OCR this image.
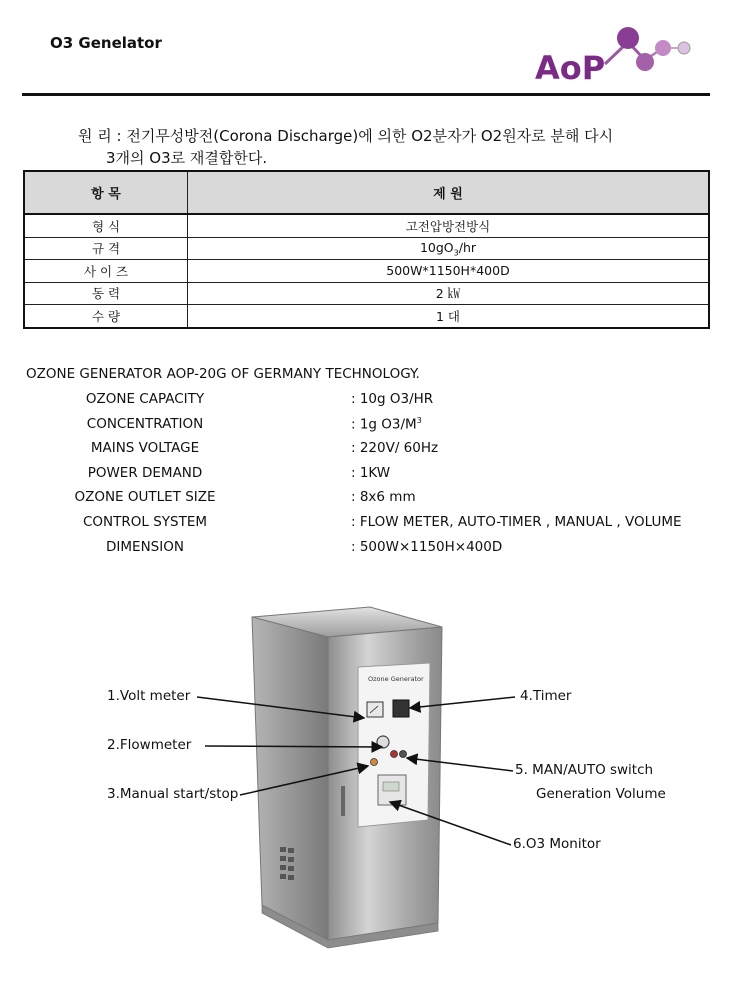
O3 Genelator
AoP
원 리 : 전기무성방전(Corona Discharge)에 의한 O2분자가 O2원자로 분해 다시
3개의 O3로 재결합한다.
항 목	제 원
형 식	고전압방전방식
규 격	$10gO_3/hr$
사 이 즈	500W*1150H*400D
동 력	2 ㎾
수 량	1 대
OZONE GENERATOR AOP-20G OF GERMANY TECHNOLOGY.
OZONE CAPACITY	: 10g O3/HR
CONCENTRATION	: 1g $O3/M^3$
MAINS VOLTAGE	: 220V/ 60Hz
POWER DEMAND	: 1KW
OZONE OUTLET SIZE	: 8x6 mm
CONTROL SYSTEM	: FLOW METER, AUTO-TIMER , MANUAL , VOLUME
DIMENSION	: 500W×1150H×400D
Ozone Generator
1.Volt meter
2.Flowmeter
3.Manual start/stop
4.Timer
5. MAN/AUTO switch
Generation Volume
6.O3 Monitor
